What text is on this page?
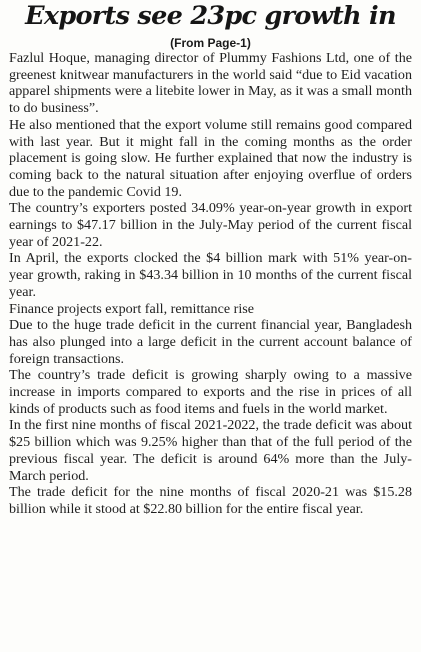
Exports see 23pc growth in
(From Page-1)

Fazlul Hoque, managing director of Plummy Fashions Ltd, one of the greenest knitwear manufacturers in the world said “due to Eid vacation apparel shipments were a litebite lower in May, as it was a small month to do business”.

He also mentioned that the export volume still remains good compared with last year. But it might fall in the coming months as the order placement is going slow. He further explained that now the industry is coming back to the natural situation after enjoying overflue of orders due to the pandemic Covid 19.

The country’s exporters posted 34.09% year-on-year growth in export earnings to $47.17 billion in the July-May period of the current fiscal year of 2021-22.

In April, the exports clocked the $4 billion mark with 51% year-on-year growth, raking in $43.34 billion in 10 months of the current fiscal year.

Finance projects export fall, remittance rise

Due to the huge trade deficit in the current financial year, Bangladesh has also plunged into a large deficit in the current account balance of foreign transactions.

The country’s trade deficit is growing sharply owing to a massive increase in imports compared to exports and the rise in prices of all kinds of products such as food items and fuels in the world market.

In the first nine months of fiscal 2021-2022, the trade deficit was about $25 billion which was 9.25% higher than that of the full period of the previous fiscal year. The deficit is around 64% more than the July-March period.

The trade deficit for the nine months of fiscal 2020-21 was $15.28 billion while it stood at $22.80 billion for the entire fiscal year.
